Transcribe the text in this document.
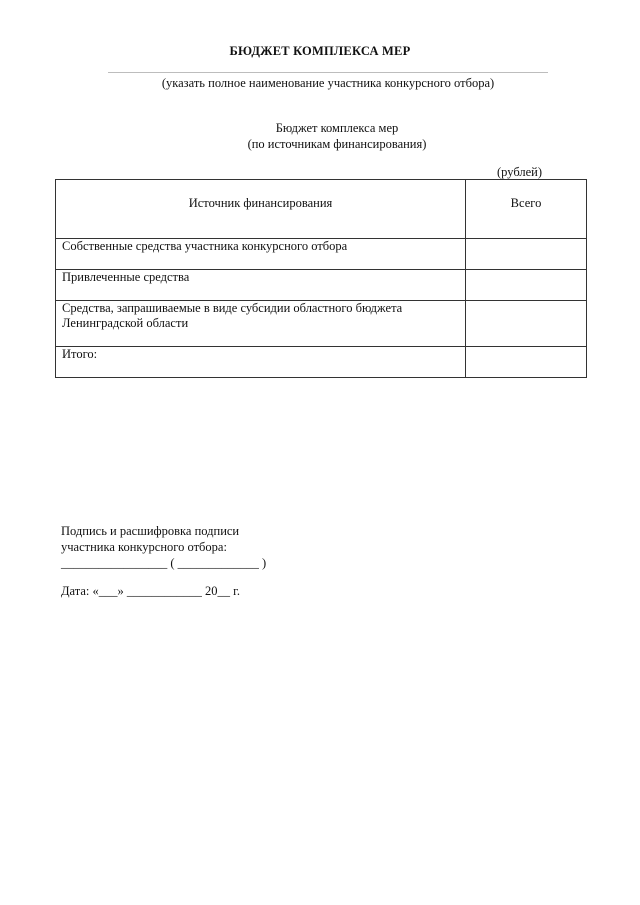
БЮДЖЕТ КОМПЛЕКСА МЕР
(указать полное наименование участника конкурсного отбора)
Бюджет комплекса мер
(по источникам финансирования)
(рублей)
Источник финансирования	Всего
Собственные средства участника конкурсного отбора	
Привлеченные средства	

Средства, запрашиваемые в виде субсидии областного бюджета
Ленинградской области	

Итого:	
Подпись и расшифровка подписи
участника конкурсного отбора:
_________________ ( _____________ )
Дата: «___» ____________ 20__ г.
